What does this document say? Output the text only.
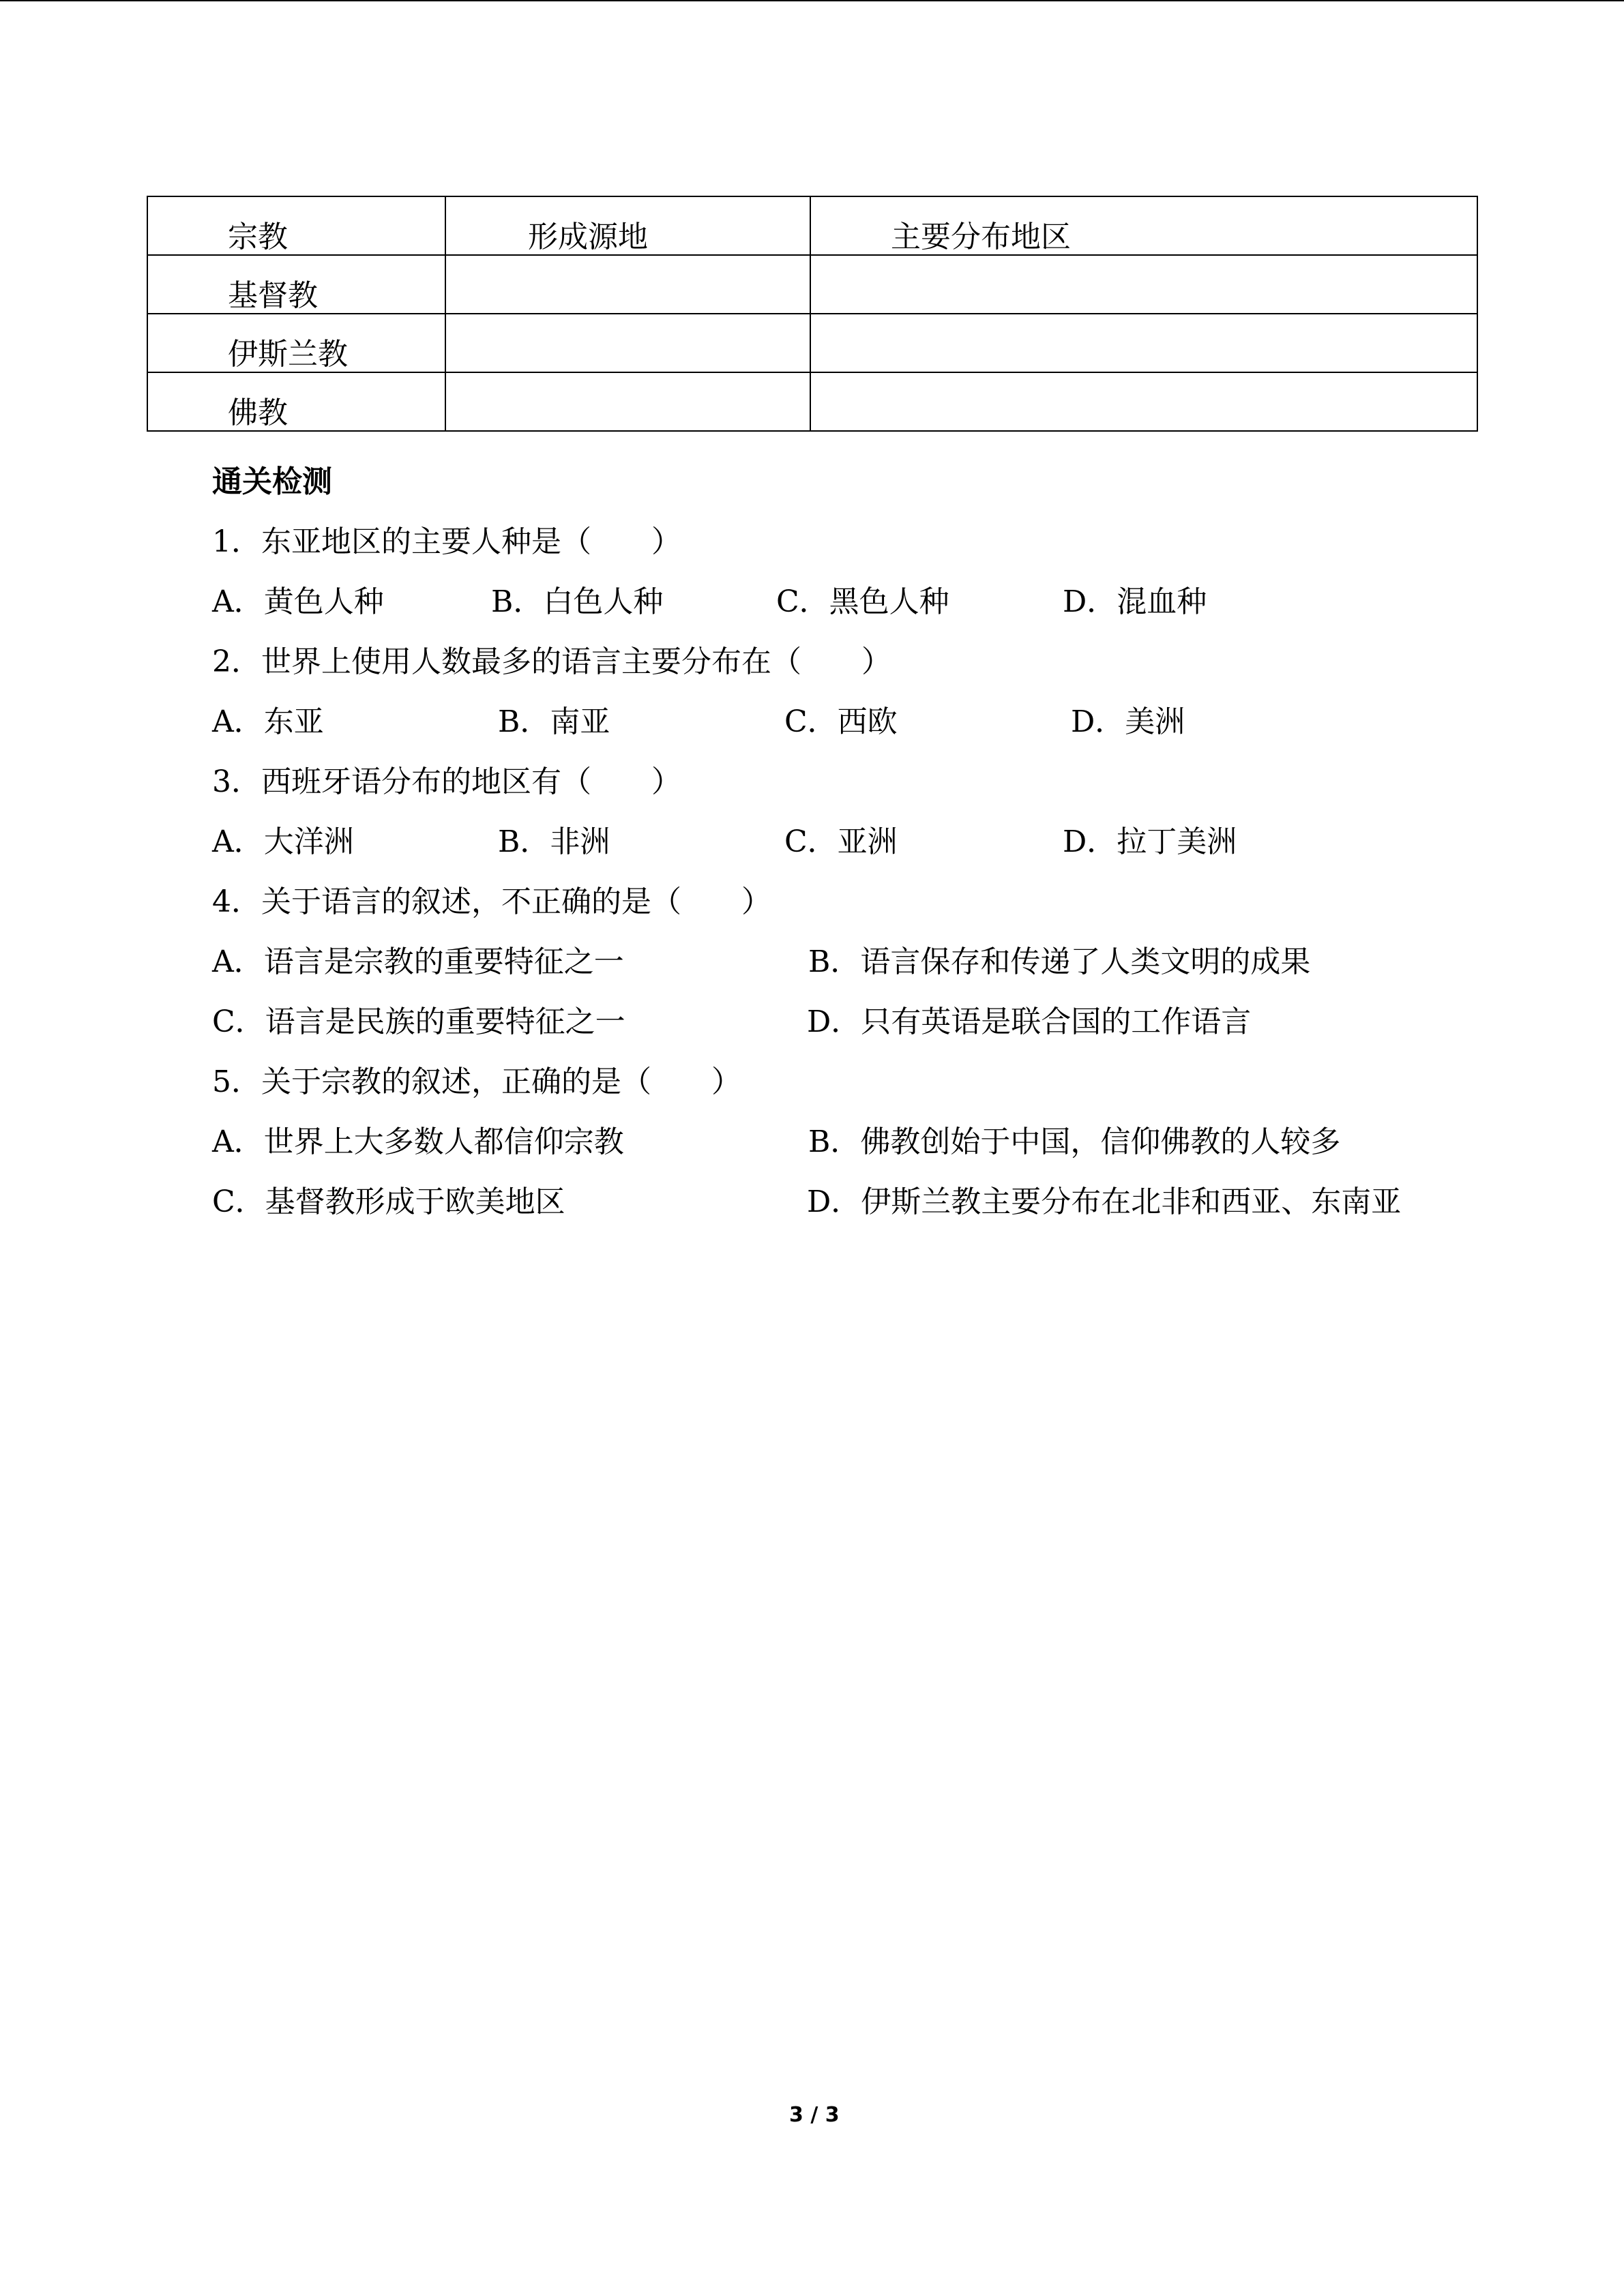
宗教	形成源地	主要分布地区
基督教		
伊斯兰教		
佛教		
通关检测
1．东亚地区的主要人种是（　　）
A．黄色人种	B．白色人种	C．黑色人种	D．混血种
2．世界上使用人数最多的语言主要分布在（　　）
A．东亚	B．南亚	C．西欧	D．美洲
3．西班牙语分布的地区有（　　）
A．大洋洲	B．非洲	C．亚洲	D．拉丁美洲
4．关于语言的叙述，不正确的是（　　）
A．语言是宗教的重要特征之一	B．语言保存和传递了人类文明的成果
C．语言是民族的重要特征之一	D．只有英语是联合国的工作语言
5．关于宗教的叙述，正确的是（　　）
A．世界上大多数人都信仰宗教	B．佛教创始于中国，信仰佛教的人较多
C．基督教形成于欧美地区	D．伊斯兰教主要分布在北非和西亚、东南亚
3 / 3
